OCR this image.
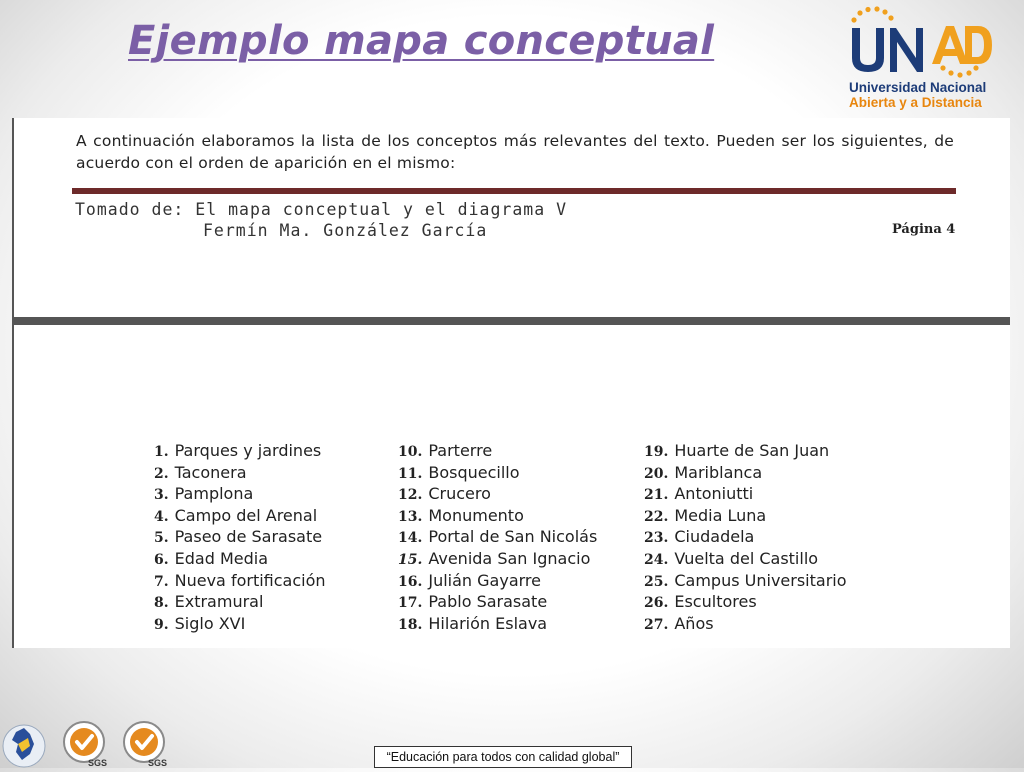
Ejemplo mapa conceptual
Universidad Nacional
Abierta y a Distancia

A continuación elaboramos la lista de los conceptos más relevantes del texto. Pueden ser los siguientes, de acuerdo con el orden de aparición en el mismo:

Tomado de: El mapa conceptual y el diagrama V
Fermín Ma. González García	Página 4
1. Parques y jardines
2. Taconera
3. Pamplona
4. Campo del Arenal
5. Paseo de Sarasate
6. Edad Media
7. Nueva fortificación
8. Extramural
9. Siglo XVI
10. Parterre
11. Bosquecillo
12. Crucero
13. Monumento
14. Portal de San Nicolás
15. Avenida San Ignacio
16. Julián Gayarre
17. Pablo Sarasate
18. Hilarión Eslava
19. Huarte de San Juan
20. Mariblanca
21. Antoniutti
22. Media Luna
23. Ciudadela
24. Vuelta del Castillo
25. Campus Universitario
26. Escultores
27. Años
SGS	SGS	“Educación para todos con calidad global”
